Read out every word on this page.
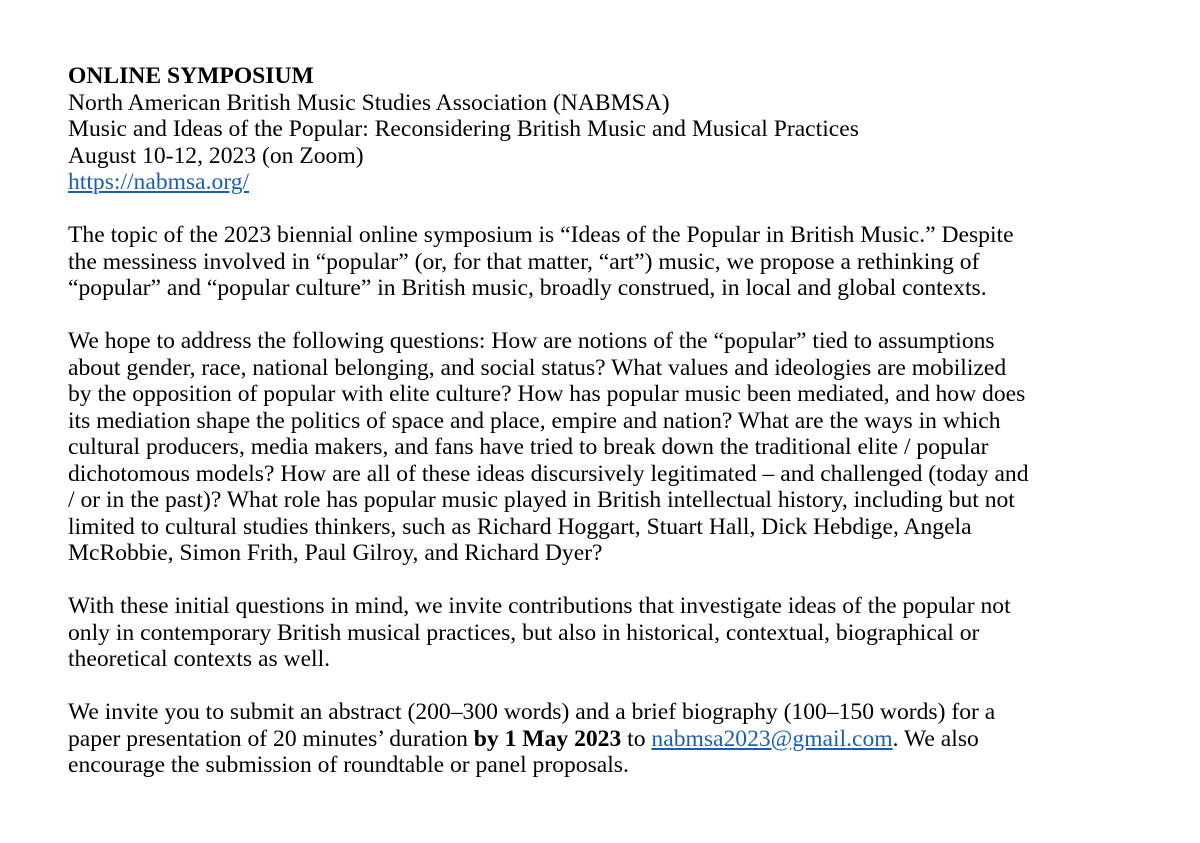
ONLINE SYMPOSIUM
North American British Music Studies Association (NABMSA)
Music and Ideas of the Popular: Reconsidering British Music and Musical Practices
August 10-12, 2023 (on Zoom)
https://nabmsa.org/

The topic of the 2023 biennial online symposium is “Ideas of the Popular in British Music.” Despite
the messiness involved in “popular” (or, for that matter, “art”) music, we propose a rethinking of
“popular” and “popular culture” in British music, broadly construed, in local and global contexts.

We hope to address the following questions: How are notions of the “popular” tied to assumptions
about gender, race, national belonging, and social status? What values and ideologies are mobilized
by the opposition of popular with elite culture? How has popular music been mediated, and how does
its mediation shape the politics of space and place, empire and nation? What are the ways in which
cultural producers, media makers, and fans have tried to break down the traditional elite / popular
dichotomous models? How are all of these ideas discursively legitimated – and challenged (today and
/ or in the past)? What role has popular music played in British intellectual history, including but not
limited to cultural studies thinkers, such as Richard Hoggart, Stuart Hall, Dick Hebdige, Angela
McRobbie, Simon Frith, Paul Gilroy, and Richard Dyer?

With these initial questions in mind, we invite contributions that investigate ideas of the popular not
only in contemporary British musical practices, but also in historical, contextual, biographical or
theoretical contexts as well.

We invite you to submit an abstract (200–300 words) and a brief biography (100–150 words) for a
paper presentation of 20 minutes’ duration by 1 May 2023 to nabmsa2023@gmail.com. We also
encourage the submission of roundtable or panel proposals.
